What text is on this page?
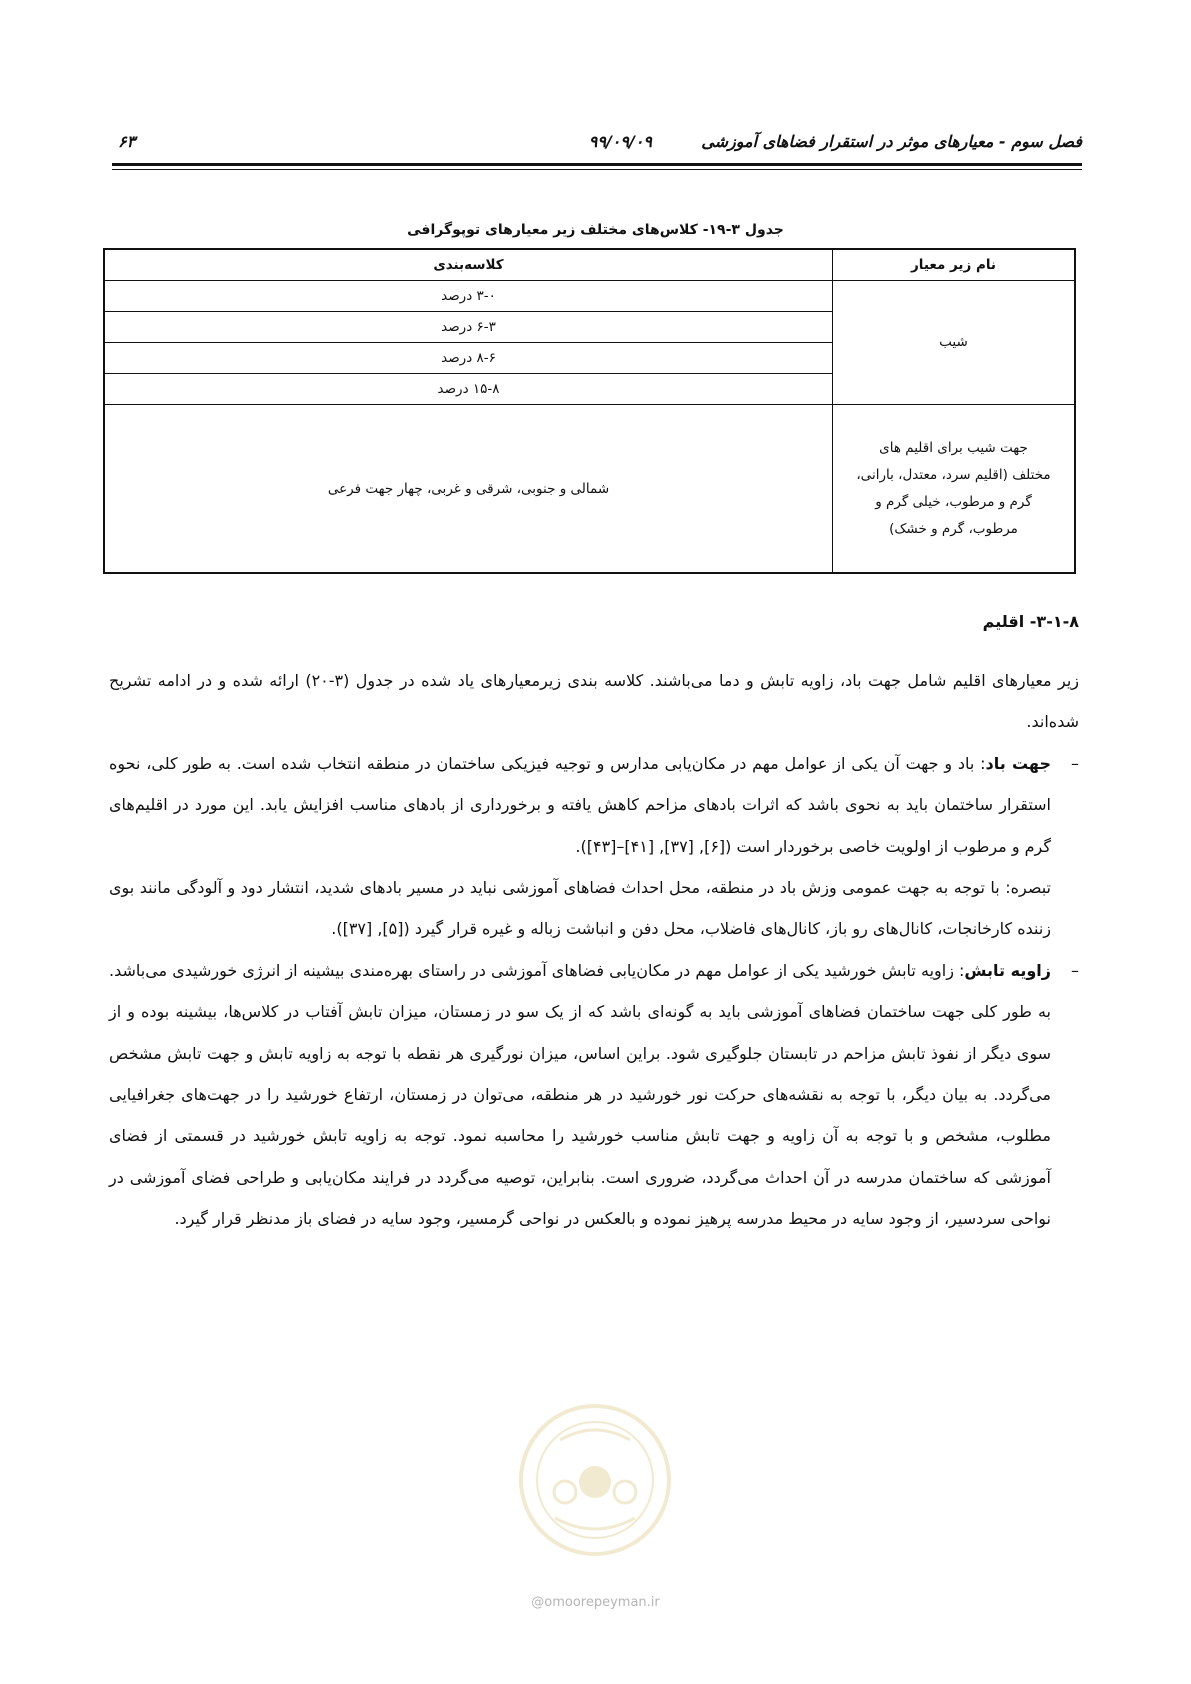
فصل سوم - معیارهای موثر در استقرار فضاهای آموزشی
۹۹/۰۹/۰۹
۶۳
جدول ۳-۱۹- کلاس‌های مختلف زیر معیارهای توپوگرافی
نام زیر معیار	کلاسه‌بندی
شیب	۳-۰ درصد
	۶-۳ درصد
	۸-۶ درصد
	۱۵-۸ درصد
جهت شیب برای اقلیم های
مختلف (اقلیم سرد، معتدل، بارانی،
گرم و مرطوب، خیلی گرم و
مرطوب، گرم و خشک)	شمالی و جنوبی، شرقی و غربی، چهار جهت فرعی
۳-۱-۸- اقلیم

زیر معیارهای اقلیم شامل جهت باد، زاویه تابش و دما می‌باشند. کلاسه بندی زیرمعیارهای یاد شده در جدول (۳-۲۰) ارائه شده و در ادامه تشریح شده‌اند.

–
جهت باد: باد و جهت آن یکی از عوامل مهم در مکان‌یابی مدارس و توجیه فیزیکی ساختمان در منطقه انتخاب شده است. به طور کلی، نحوه استقرار ساختمان باید به نحوی باشد که اثرات بادهای مزاحم کاهش یافته و برخورداری از بادهای مناسب افزایش یابد. این مورد در اقلیم‌های گرم و مرطوب از اولویت خاصی برخوردار است ([۶], [۳۷], [۴۱]–[۴۳]).

تبصره: با توجه به جهت عمومی وزش باد در منطقه، محل احداث فضاهای آموزشی نباید در مسیر بادهای شدید، انتشار دود و آلودگی مانند بوی زننده کارخانجات، کانال‌های رو باز، کانال‌های فاضلاب، محل دفن و انباشت زباله و غیره قرار گیرد ([۵], [۳۷]).

–
زاویه تابش: زاویه تابش خورشید یکی از عوامل مهم در مکان‌یابی فضاهای آموزشی در راستای بهره‌مندی بیشینه از انرژی خورشیدی می‌باشد. به طور کلی جهت ساختمان فضاهای آموزشی باید به گونه‌ای باشد که از یک سو در زمستان، میزان تابش آفتاب در کلاس‌ها، بیشینه بوده و از سوی دیگر از نفوذ تابش مزاحم در تابستان جلوگیری شود. براین اساس، میزان نورگیری هر نقطه با توجه به زاویه تابش و جهت تابش مشخص می‌گردد. به بیان دیگر، با توجه به نقشه‌های حرکت نور خورشید در هر منطقه، می‌توان در زمستان، ارتفاع خورشید را در جهت‌های جغرافیایی مطلوب، مشخص و با توجه به آن زاویه و جهت تابش مناسب خورشید را محاسبه نمود. توجه به زاویه تابش خورشید در قسمتی از فضای آموزشی که ساختمان مدرسه در آن احداث می‌گردد، ضروری است. بنابراین، توصیه می‌گردد در فرایند مکان‌یابی و طراحی فضای آموزشی در نواحی سردسیر، از وجود سایه در محیط مدرسه پرهیز نموده و بالعکس در نواحی گرمسیر، وجود سایه در فضای باز مدنظر قرار گیرد.

@omoorepeyman.ir
